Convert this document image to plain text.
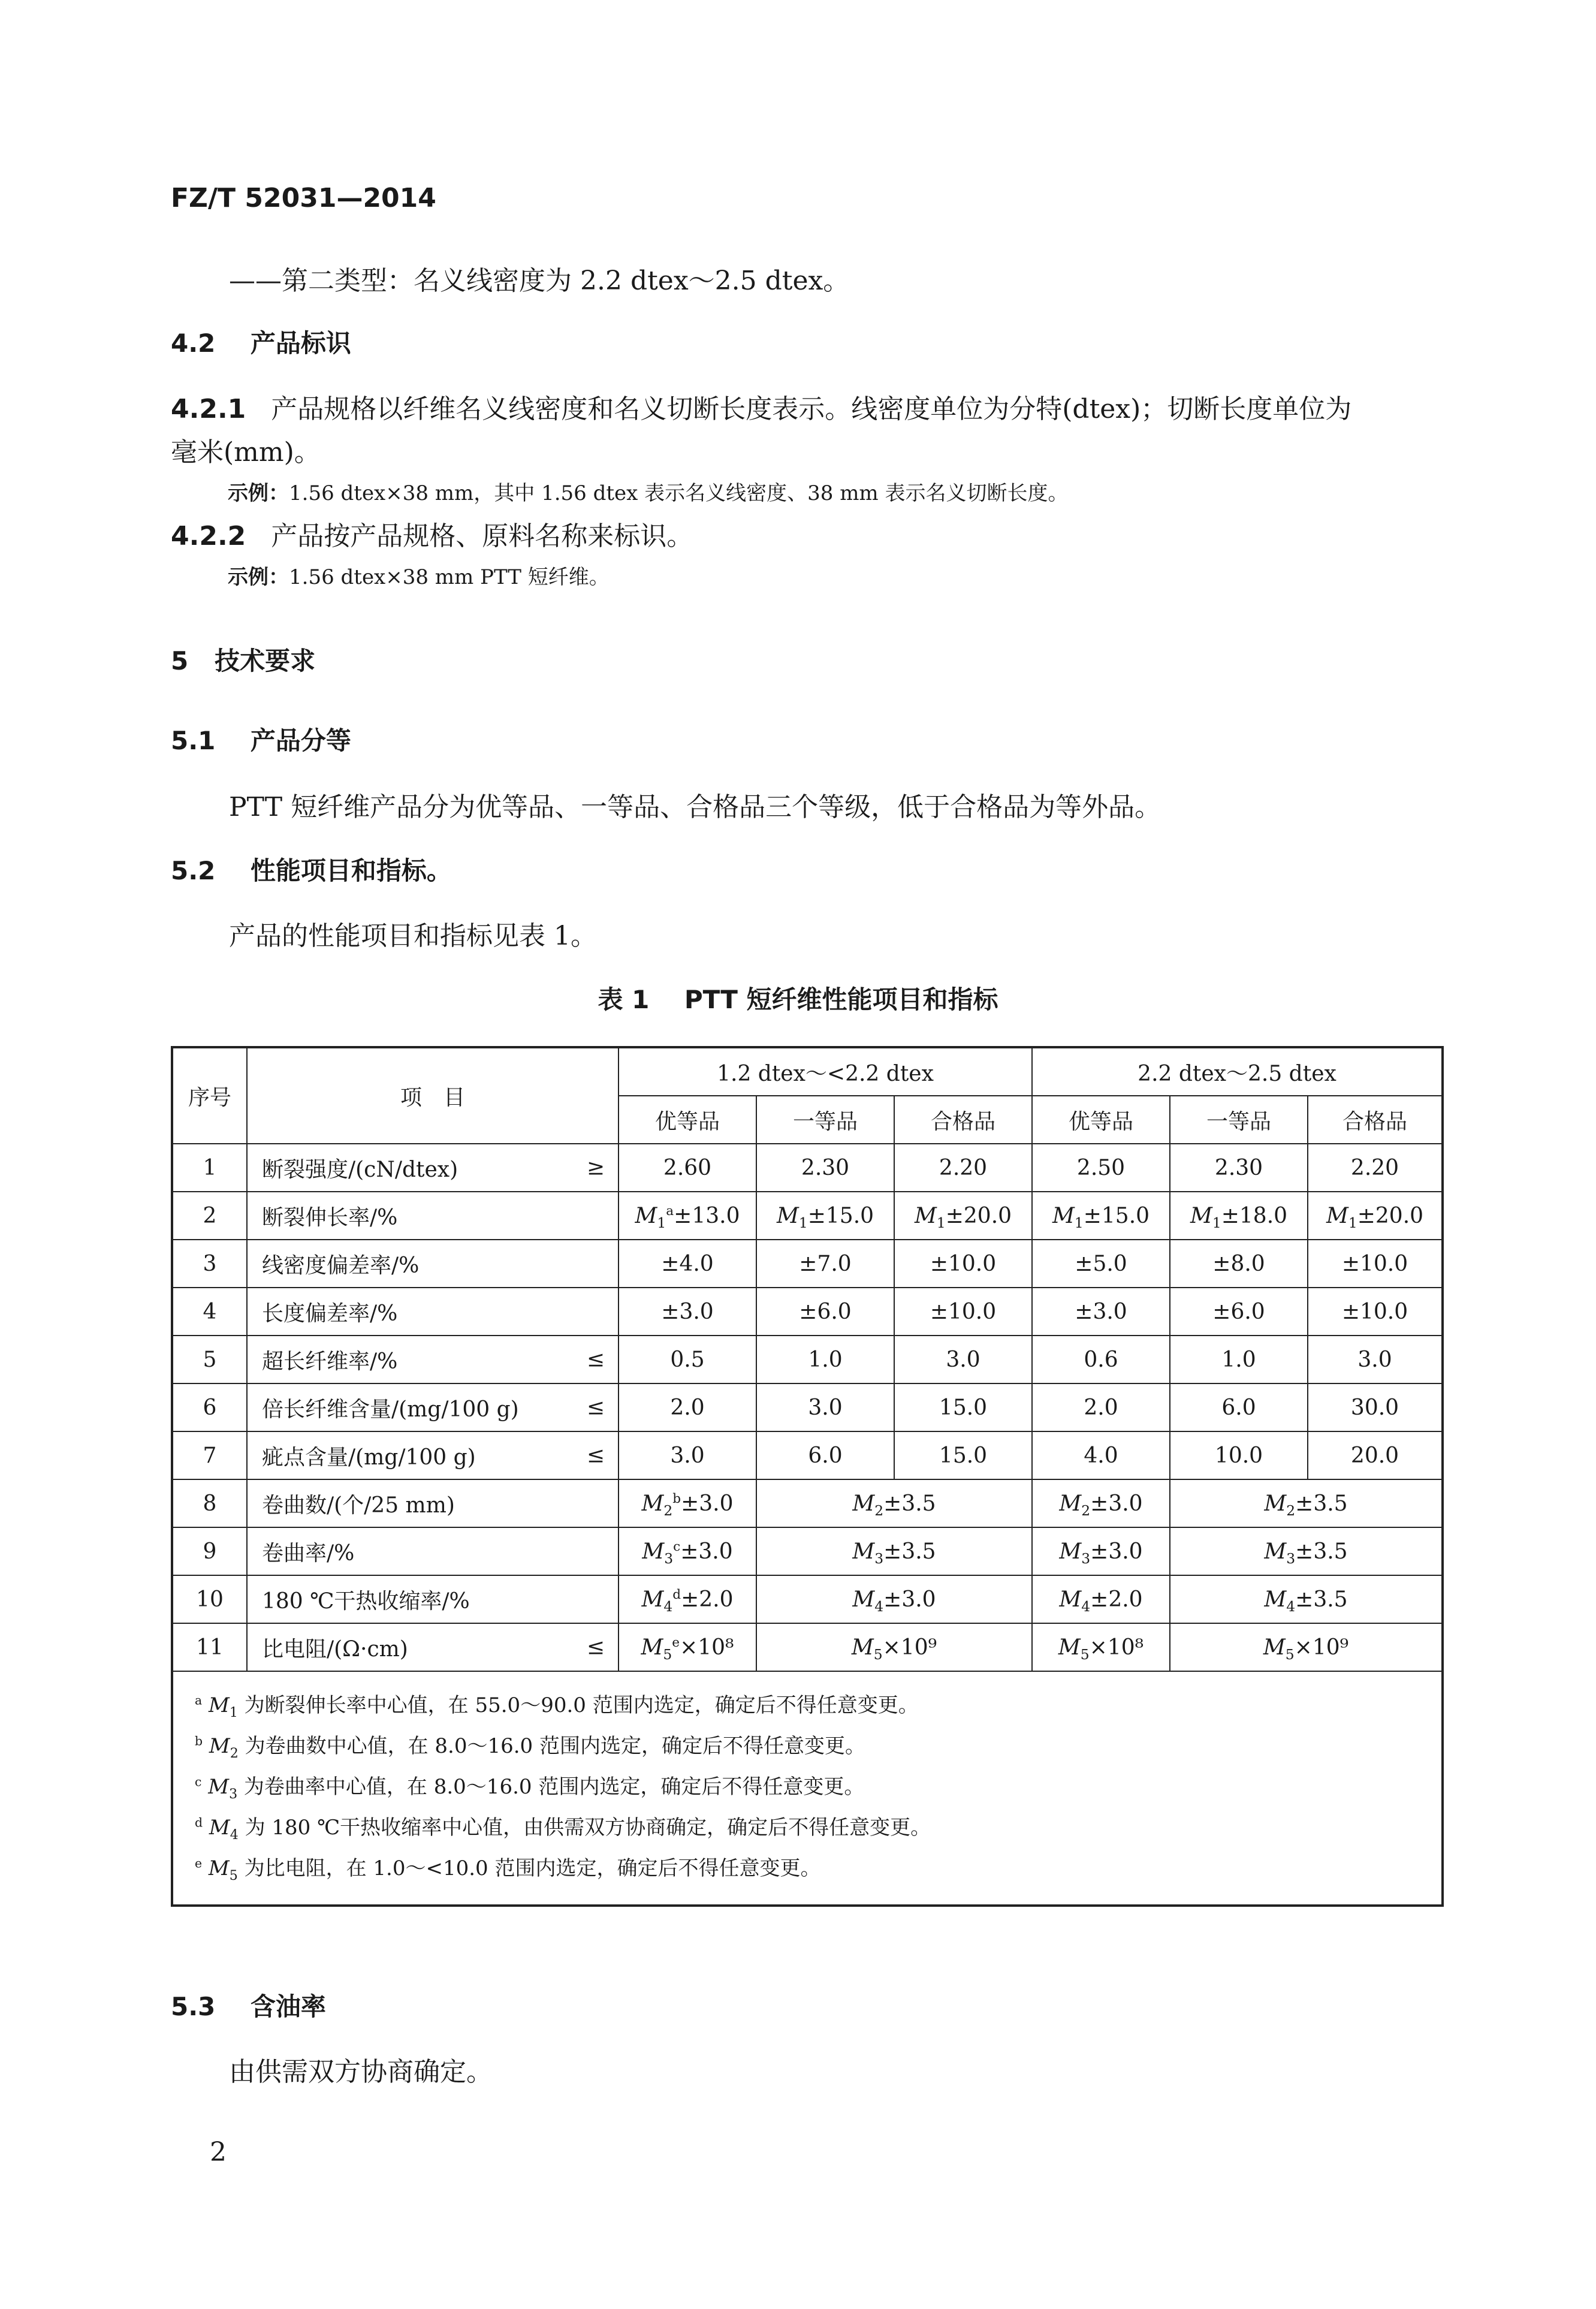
FZ/T 52031—2014
——第二类型：名义线密度为 2.2 dtex～2.5 dtex。
4.2 产品标识
4.2.1 产品规格以纤维名义线密度和名义切断长度表示。线密度单位为分特(dtex)；切断长度单位为
毫米(mm)。
示例：1.56 dtex×38 mm，其中 1.56 dtex 表示名义线密度、38 mm 表示名义切断长度。
4.2.2 产品按产品规格、原料名称来标识。
示例：1.56 dtex×38 mm PTT 短纤维。
5 技术要求
5.1 产品分等
PTT 短纤维产品分为优等品、一等品、合格品三个等级，低于合格品为等外品。
5.2 性能项目和指标。
产品的性能项目和指标见表 1。
表 1 PTT 短纤维性能项目和指标
序号	项　目	1.2 dtex～<2.2 dtex			2.2 dtex～2.5 dtex		
		优等品	一等品	合格品	优等品	一等品	合格品
1	断裂强度/(cN/dtex) ≥	2.60	2.30	2.20	2.50	2.30	2.20
2	断裂伸长率/%	$M_1^a\pm 13.0$	$M_1\pm 15.0$	$M_1\pm 20.0$	$M_1\pm 15.0$	$M_1\pm 18.0$	$M_1\pm 20.0$
3	线密度偏差率/%	±4.0	±7.0	±10.0	±5.0	±8.0	±10.0
4	长度偏差率/%	±3.0	±6.0	±10.0	±3.0	±6.0	±10.0
5	超长纤维率/% ≤	0.5	1.0	3.0	0.6	1.0	3.0
6	倍长纤维含量/(mg/100 g) ≤	2.0	3.0	15.0	2.0	6.0	30.0
7	疵点含量/(mg/100 g) ≤	3.0	6.0	15.0	4.0	10.0	20.0
8	卷曲数/(个/25 mm)	$M_2^b\pm 3.0$	$M_2\pm 3.5$		$M_2\pm 3.0$	$M_2\pm 3.5$	
9	卷曲率/%	$M_3^c\pm 3.0$	$M_3\pm 3.5$		$M_3\pm 3.0$	$M_3\pm 3.5$	
10	180 ℃干热收缩率/%	$M_4^d\pm 2.0$	$M_4\pm 3.0$		$M_4\pm 2.0$	$M_4\pm 3.5$	
11	比电阻/(Ω·cm) ≤	$M_5^e\times 10^8$	$M_5\times 10^9$		$M_5\times 10^8$	$M_5\times 10^9$	

$^a$ $M_1$ 为断裂伸长率中心值，在 55.0～90.0 范围内选定，确定后不得任意变更。
$^b$ $M_2$ 为卷曲数中心值，在 8.0～16.0 范围内选定，确定后不得任意变更。
$^c$ $M_3$ 为卷曲率中心值，在 8.0～16.0 范围内选定，确定后不得任意变更。
$^d$ $M_4$ 为 180 ℃干热收缩率中心值，由供需双方协商确定，确定后不得任意变更。
$^e$ $M_5$ 为比电阻，在 1.0～<10.0 范围内选定，确定后不得任意变更。							
5.3 含油率
由供需双方协商确定。
2
